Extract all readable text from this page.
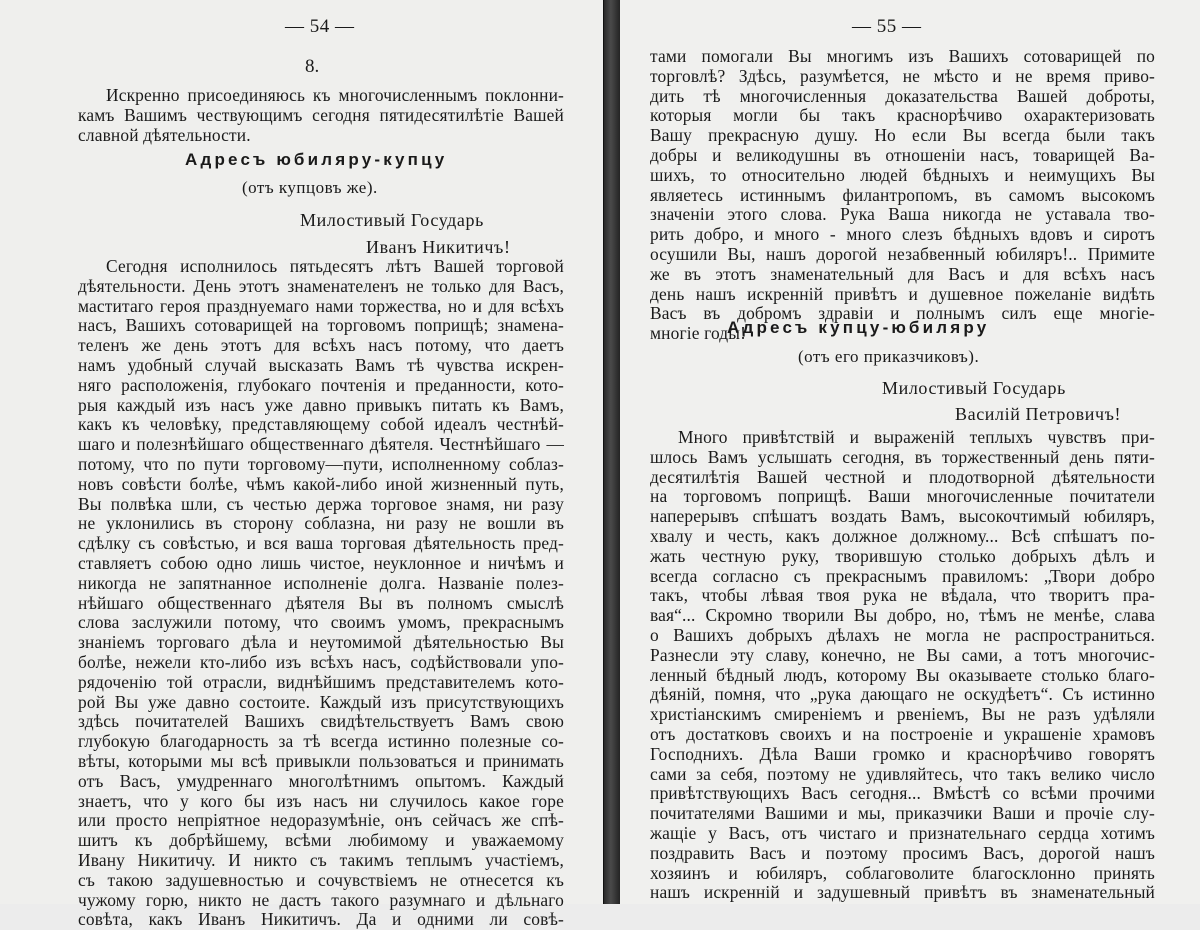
— 54 —
8.
Искренно присоединяюсь къ многочисленнымъ поклонни-
камъ Вашимъ чествующимъ сегодня пятидесятилѣтіе Вашей
славной дѣятельности.
Адресъ юбиляру-купцу
(отъ купцовъ же).
Милостивый Государь
Иванъ Никитичъ!
Сегодня исполнилось пятьдесятъ лѣтъ Вашей торговой
дѣятельности. День этотъ знаменателенъ не только для Васъ,
маститаго героя празднуемаго нами торжества, но и для всѣхъ
насъ, Вашихъ сотоварищей на торговомъ поприщѣ; знамена-
теленъ же день этотъ для всѣхъ насъ потому, что даетъ
намъ удобный случай высказать Вамъ тѣ чувства искрен-
няго расположенія, глубокаго почтенія и преданности, кото-
рыя каждый изъ насъ уже давно привыкъ питать къ Вамъ,
какъ къ человѣку, представляющему собой идеалъ честнѣй-
шаго и полезнѣйшаго общественнаго дѣятеля. Честнѣйшаго —
потому, что по пути торговому—пути, исполненному соблаз-
новъ совѣсти болѣе, чѣмъ какой-либо иной жизненный путь,
Вы полвѣка шли, съ честью держа торговое знамя, ни разу
не уклонились въ сторону соблазна, ни разу не вошли въ
сдѣлку съ совѣстью, и вся ваша торговая дѣятельность пред-
ставляетъ собою одно лишь чистое, неуклонное и ничѣмъ и
никогда не запятнанное исполненіе долга. Названіе полез-
нѣйшаго общественнаго дѣятеля Вы въ полномъ смыслѣ
слова заслужили потому, что своимъ умомъ, прекраснымъ
знаніемъ торговаго дѣла и неутомимой дѣятельностью Вы
болѣе, нежели кто-либо изъ всѣхъ насъ, содѣйствовали упо-
рядоченію той отрасли, виднѣйшимъ представителемъ кото-
рой Вы уже давно состоите. Каждый изъ присутствующихъ
здѣсь почитателей Вашихъ свидѣтельствуетъ Вамъ свою
глубокую благодарность за тѣ всегда истинно полезные со-
вѣты, которыми мы всѣ привыкли пользоваться и принимать
отъ Васъ, умудреннаго многолѣтнимъ опытомъ. Каждый
знаетъ, что у кого бы изъ насъ ни случилось какое горе
или просто непріятное недоразумѣніе, онъ сейчасъ же спѣ-
шитъ къ добрѣйшему, всѣми любимому и уважаемому
Ивану Никитичу. И никто съ такимъ теплымъ участіемъ,
съ такою задушевностью и сочувствіемъ не отнесется къ
чужому горю, никто не дастъ такого разумнаго и дѣльнаго
совѣта, какъ Иванъ Никитичъ. Да и одними ли совѣ-
— 55 —
тами помогали Вы многимъ изъ Вашихъ сотоварищей по
торговлѣ? Здѣсь, разумѣется, не мѣсто и не время приво-
дить тѣ многочисленныя доказательства Вашей доброты,
которыя могли бы такъ краснорѣчиво охарактеризовать
Вашу прекрасную душу. Но если Вы всегда были такъ
добры и великодушны въ отношеніи насъ, товарищей Ва-
шихъ, то относительно людей бѣдныхъ и неимущихъ Вы
являетесь истиннымъ филантропомъ, въ самомъ высокомъ
значеніи этого слова. Рука Ваша никогда не уставала тво-
рить добро, и много - много слезъ бѣдныхъ вдовъ и сиротъ
осушили Вы, нашъ дорогой незабвенный юбиляръ!.. Примите
же въ этотъ знаменательный для Васъ и для всѣхъ насъ
день нашъ искренній привѣтъ и душевное пожеланіе видѣть
Васъ въ добромъ здравіи и полнымъ силъ еще многіе-
многіе годы!
Адресъ купцу-юбиляру
(отъ его приказчиковъ).
Милостивый Государь
Василій Петровичъ!
Много привѣтствій и выраженій теплыхъ чувствъ при-
шлось Вамъ услышать сегодня, въ торжественный день пяти-
десятилѣтія Вашей честной и плодотворной дѣятельности
на торговомъ поприщѣ. Ваши многочисленные почитатели
наперерывъ спѣшатъ воздать Вамъ, высокочтимый юбиляръ,
хвалу и честь, какъ должное должному... Всѣ спѣшатъ по-
жать честную руку, творившую столько добрыхъ дѣлъ и
всегда согласно съ прекраснымъ правиломъ: „Твори добро
такъ, чтобы лѣвая твоя рука не вѣдала, что творитъ пра-
вая“... Скромно творили Вы добро, но, тѣмъ не менѣе, слава
о Вашихъ добрыхъ дѣлахъ не могла не распространиться.
Разнесли эту славу, конечно, не Вы сами, а тотъ многочис-
ленный бѣдный людъ, которому Вы оказываете столько благо-
дѣяній, помня, что „рука дающаго не оскудѣетъ“. Съ истинно
христіанскимъ смиреніемъ и рвеніемъ, Вы не разъ удѣляли
отъ достатковъ своихъ и на построеніе и украшеніе храмовъ
Господнихъ. Дѣла Ваши громко и краснорѣчиво говорятъ
сами за себя, поэтому не удивляйтесь, что такъ велико число
привѣтствующихъ Васъ сегодня... Вмѣстѣ со всѣми прочими
почитателями Вашими и мы, приказчики Ваши и прочіе слу-
жащіе у Васъ, отъ чистаго и признательнаго сердца хотимъ
поздравить Васъ и поэтому просимъ Васъ, дорогой нашъ
хозяинъ и юбиляръ, соблаговолите благосклонно принять
нашъ искренній и задушевный привѣтъ въ знаменательный
